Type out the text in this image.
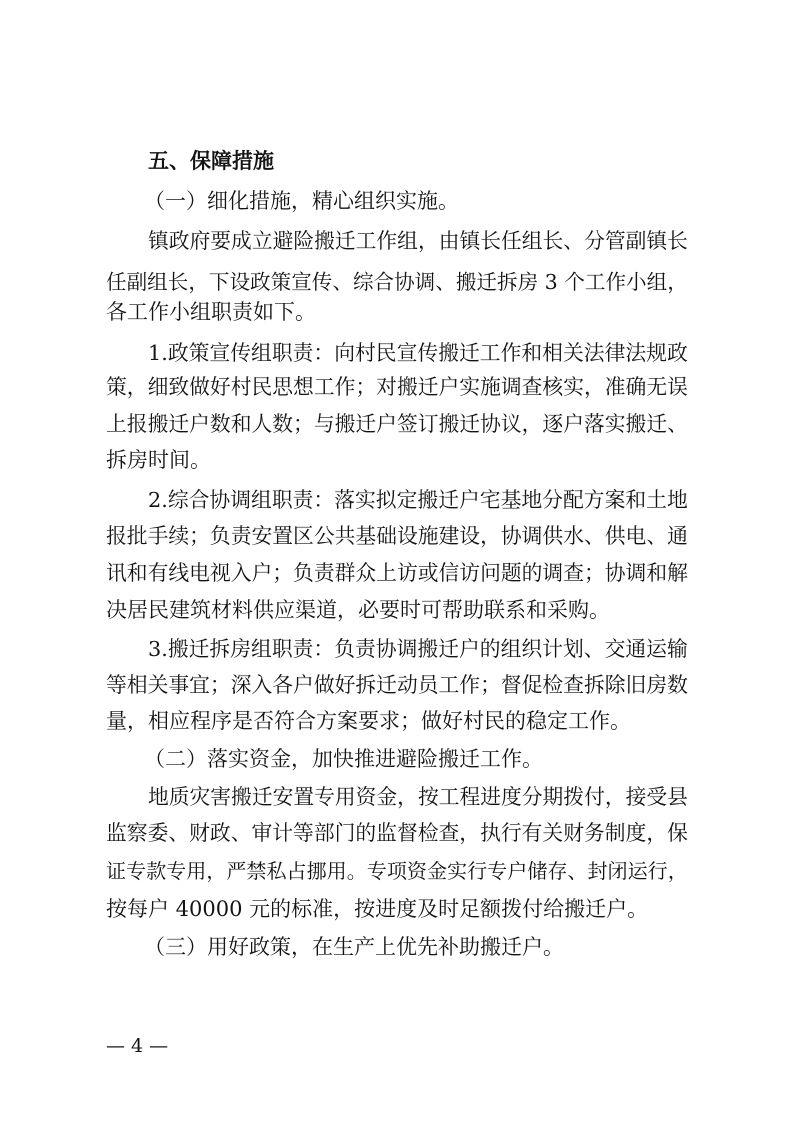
五、保障措施
（一）细化措施，精心组织实施。
镇政府要成立避险搬迁工作组，由镇长任组长、分管副镇长
任副组长，下设政策宣传、综合协调、搬迁拆房 3 个工作小组，
各工作小组职责如下。
1.政策宣传组职责：向村民宣传搬迁工作和相关法律法规政
策，细致做好村民思想工作；对搬迁户实施调查核实，准确无误
上报搬迁户数和人数；与搬迁户签订搬迁协议，逐户落实搬迁、
拆房时间。
2.综合协调组职责：落实拟定搬迁户宅基地分配方案和土地
报批手续；负责安置区公共基础设施建设，协调供水、供电、通
讯和有线电视入户；负责群众上访或信访问题的调查；协调和解
决居民建筑材料供应渠道，必要时可帮助联系和采购。
3.搬迁拆房组职责：负责协调搬迁户的组织计划、交通运输
等相关事宜；深入各户做好拆迁动员工作；督促检查拆除旧房数
量，相应程序是否符合方案要求；做好村民的稳定工作。
（二）落实资金，加快推进避险搬迁工作。
地质灾害搬迁安置专用资金，按工程进度分期拨付，接受县
监察委、财政、审计等部门的监督检查，执行有关财务制度，保
证专款专用，严禁私占挪用。专项资金实行专户储存、封闭运行，
按每户 40000 元的标准，按进度及时足额拨付给搬迁户。
（三）用好政策，在生产上优先补助搬迁户。
— 4 —
